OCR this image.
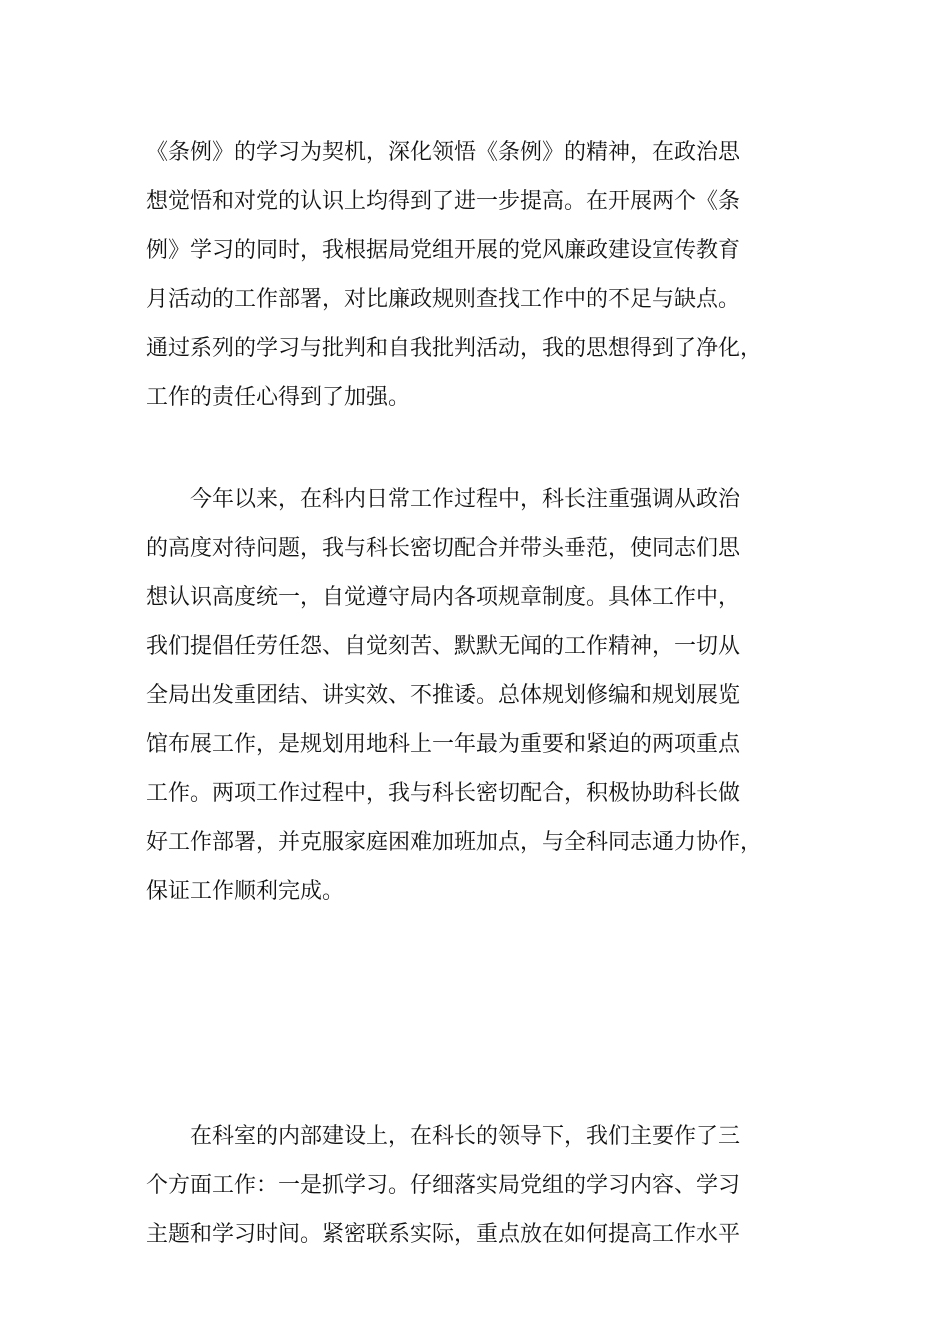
《条例》的学习为契机，深化领悟《条例》的精神，在政治思
想觉悟和对党的认识上均得到了进一步提高。在开展两个《条
例》学习的同时，我根据局党组开展的党风廉政建设宣传教育
月活动的工作部署，对比廉政规则查找工作中的不足与缺点。
通过系列的学习与批判和自我批判活动，我的思想得到了净化，
工作的责任心得到了加强。
　　今年以来，在科内日常工作过程中，科长注重强调从政治
的高度对待问题，我与科长密切配合并带头垂范，使同志们思
想认识高度统一，自觉遵守局内各项规章制度。具体工作中，
我们提倡任劳任怨、自觉刻苦、默默无闻的工作精神，一切从
全局出发重团结、讲实效、不推诿。总体规划修编和规划展览
馆布展工作，是规划用地科上一年最为重要和紧迫的两项重点
工作。两项工作过程中，我与科长密切配合，积极协助科长做
好工作部署，并克服家庭困难加班加点，与全科同志通力协作，
保证工作顺利完成。
　　在科室的内部建设上，在科长的领导下，我们主要作了三
个方面工作：一是抓学习。仔细落实局党组的学习内容、学习
主题和学习时间。紧密联系实际，重点放在如何提高工作水平
